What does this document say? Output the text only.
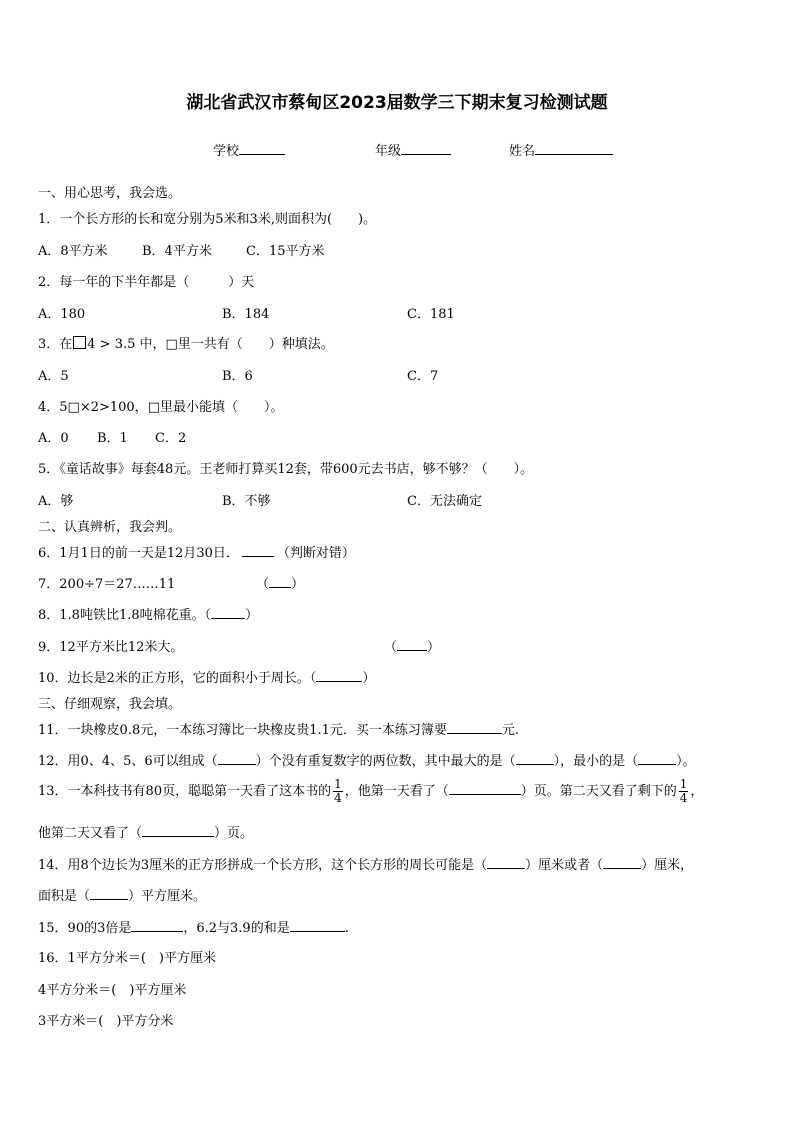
湖北省武汉市蔡甸区2023届数学三下期末复习检测试题
学校	年级	姓名
一、用心思考，我会选。
1．一个长方形的长和宽分别为5米和3米,则面积为(　　)。
A．8平方米	B．4平方米	C．15平方米
2．每一年的下半年都是（　　　）天
A．180	B．184	C．181
3．在 4 > 3.5 中，□里一共有（　　）种填法。
A．5	B．6	C．7
4．5□×2>100，□里最小能填（　　）。
A．0 B．1 C．2
5．《童话故事》每套48元。王老师打算买12套，带600元去书店，够不够？（　　）。
A．够	B．不够	C．无法确定
二、认真辨析，我会判。
6．1月1日的前一天是12月30日．	（判断对错）
7．200÷7＝27……11	（ ）
8．1.8吨铁比1.8吨棉花重。（	）
9．12平方米比12米大。	（ ）
10．边长是2米的正方形，它的面积小于周长。（	）
三、仔细观察，我会填。
11．一块橡皮0.8元，一本练习簿比一块橡皮贵1.1元．买一本练习簿要	元.
12．用0、4、5、6可以组成（	）个没有重复数字的两位数，其中最大的是（	），最小的是（	）。
13．一本科技书有80页，聪聪第一天看了这本书的 $\frac{1}{4}$ ，他第一天看了（	）页。第二天又看了剩下的 $\frac{1}{4}$ ，
他第二天又看了（	）页。
14．用8个边长为3厘米的正方形拼成一个长方形，这个长方形的周长可能是（	）厘米或者（	）厘米，
面积是（	）平方厘米。
15．90的3倍是	，6.2与3.9的和是	.
16．1平方分米＝(　)平方厘米
4平方分米＝(　)平方厘米
3平方米＝(　)平方分米
